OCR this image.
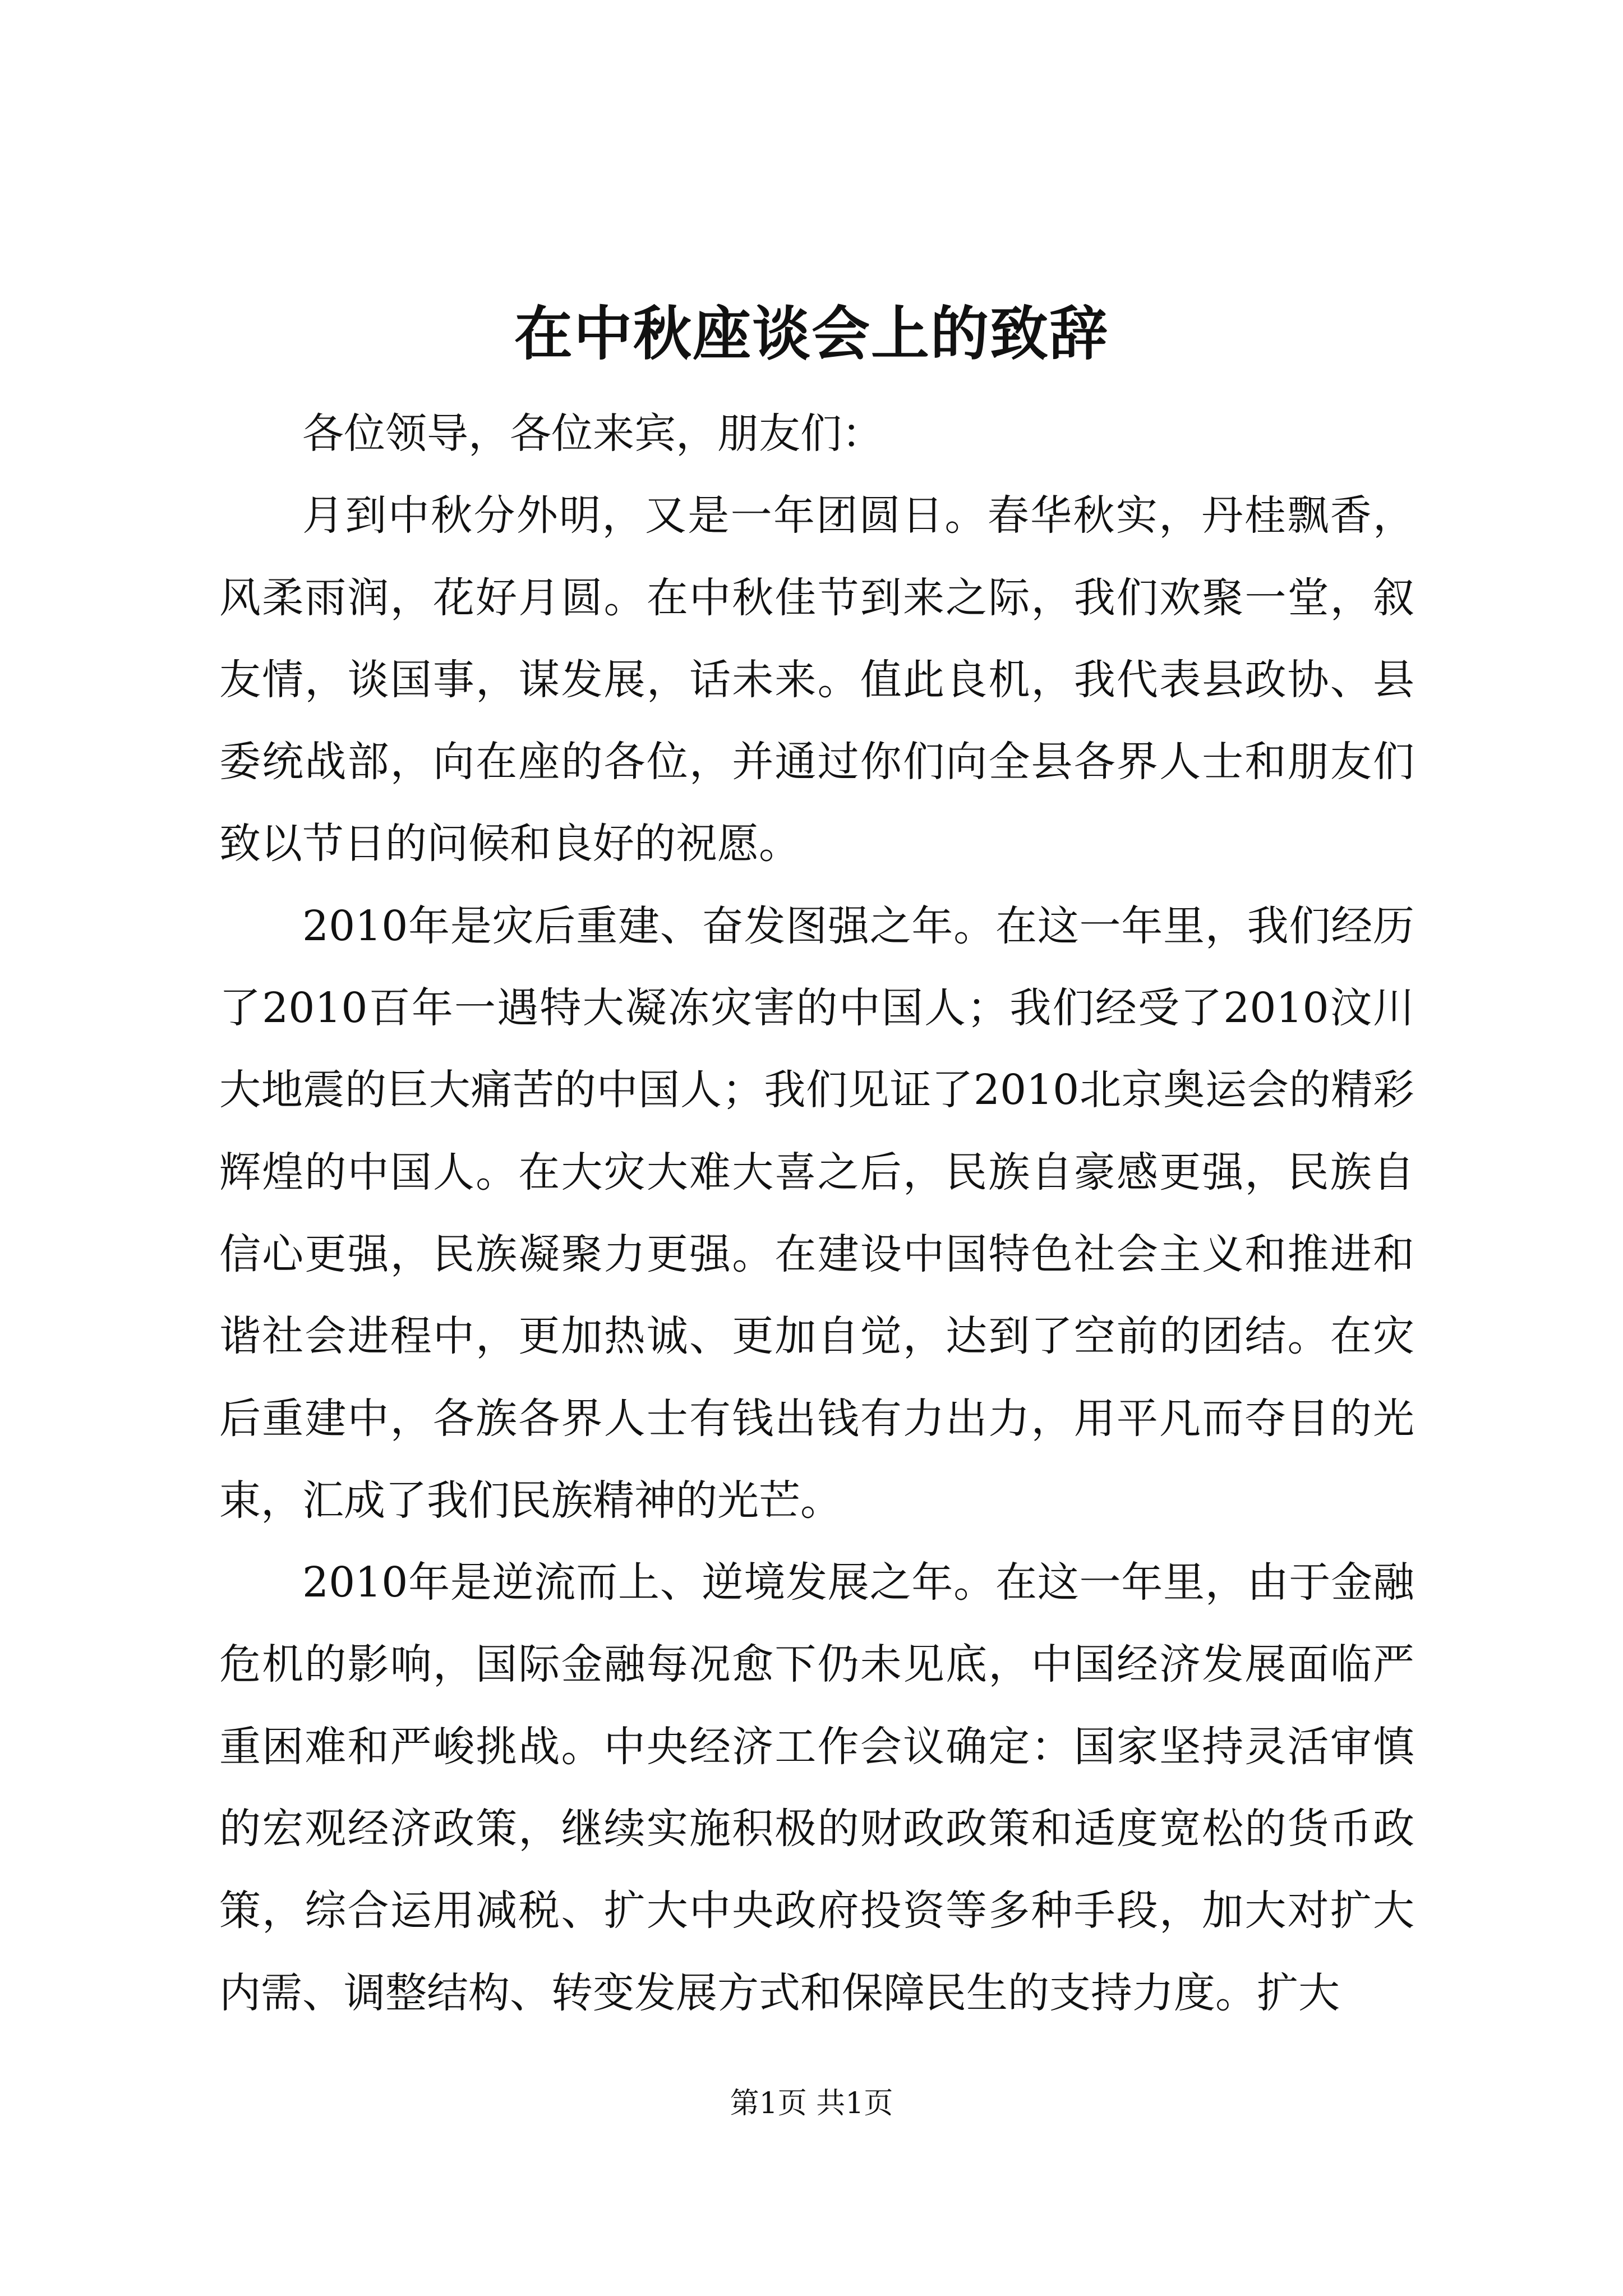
在中秋座谈会上的致辞

各位领导，各位来宾，朋友们：

月到中秋分外明，又是一年团圆日。春华秋实，丹桂飘香，风柔雨润，花好月圆。在中秋佳节到来之际，我们欢聚一堂，叙友情，谈国事，谋发展，话未来。值此良机，我代表县政协、县委统战部，向在座的各位，并通过你们向全县各界人士和朋友们致以节日的问候和良好的祝愿。

2010年是灾后重建、奋发图强之年。在这一年里，我们经历了2010百年一遇特大凝冻灾害的中国人；我们经受了2010汶川大地震的巨大痛苦的中国人；我们见证了2010北京奥运会的精彩辉煌的中国人。在大灾大难大喜之后，民族自豪感更强，民族自信心更强，民族凝聚力更强。在建设中国特色社会主义和推进和谐社会进程中，更加热诚、更加自觉，达到了空前的团结。在灾后重建中，各族各界人士有钱出钱有力出力，用平凡而夺目的光束，汇成了我们民族精神的光芒。

2010年是逆流而上、逆境发展之年。在这一年里，由于金融危机的影响，国际金融每况愈下仍未见底，中国经济发展面临严重困难和严峻挑战。中央经济工作会议确定：国家坚持灵活审慎的宏观经济政策，继续实施积极的财政政策和适度宽松的货币政策，综合运用减税、扩大中央政府投资等多种手段，加大对扩大内需、调整结构、转变发展方式和保障民生的支持力度。扩大

第1页 共1页
